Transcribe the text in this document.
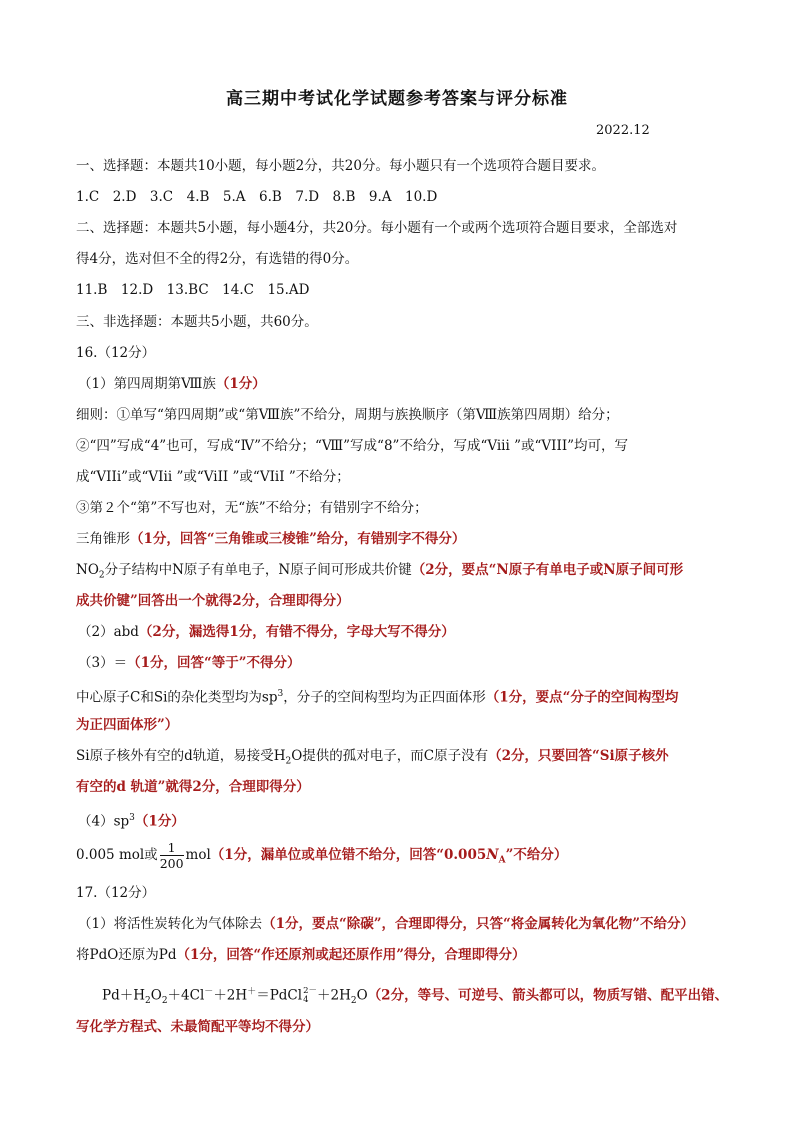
高三期中考试化学试题参考答案与评分标准
2022.12
一、选择题：本题共10小题，每小题2分，共20分。每小题只有一个选项符合题目要求。
1.C　2.D　3.C　4.B　5.A　6.B　7.D　8.B　9.A　10.D
二、选择题：本题共5小题，每小题4分，共20分。每小题有一个或两个选项符合题目要求，全部选对
得4分，选对但不全的得2分，有选错的得0分。
11.B　12.D　13.BC　14.C　15.AD
三、非选择题：本题共5小题，共60分。
16.（12分）
（1）第四周期第Ⅷ族（1分）
细则：①单写“第四周期”或“第Ⅷ族”不给分，周期与族换顺序（第Ⅷ族第四周期）给分；
②“四”写成“4”也可，写成“Ⅳ”不给分；“Ⅷ”写成“8”不给分，写成“Viii ”或“VIII”均可，写
成“VIIi”或“VIii ”或“ViII ”或“VIiI ”不给分；
③第２个“第”不写也对，无“族”不给分；有错别字不给分；
三角锥形（1分，回答“三角锥或三棱锥”给分，有错别字不得分）
$NO_2$分子结构中N原子有单电子，N原子间可形成共价键（2分，要点“N原子有单电子或N原子间可形
成共价键”回答出一个就得2分，合理即得分）
（2）abd（2分，漏选得1分，有错不得分，字母大写不得分）
（3）＝（1分，回答“等于”不得分）
中心原子C和Si的杂化类型均为$sp^3$，分子的空间构型均为正四面体形（1分，要点“分子的空间构型均
为正四面体形”）
Si原子核外有空的d轨道，易接受$H_2O$提供的孤对电子，而C原子没有（2分，只要回答“Si原子核外
有空的d 轨道”就得2分，合理即得分）
$(4)sp^3(1$分）
0.005 mol或 $\frac{1}{200} mol(1$分，漏单位或单位错不给分，回答“$0.005N_A$”不给分）
17.（12分）
（1）将活性炭转化为气体除去（1分，要点“除碳”，合理即得分，只答“将金属转化为氧化物”不给分）
将PdO还原为Pd（1分，回答“作还原剂或起还原作用”得分，合理即得分）
$Pd+H_2O_2+4Cl^-+2H^+=PdCl$ 2－
$4 +2H_2O(2$分，等号、可逆号、箭头都可以，物质写错、配平出错、
写化学方程式、未最简配平等均不得分）
